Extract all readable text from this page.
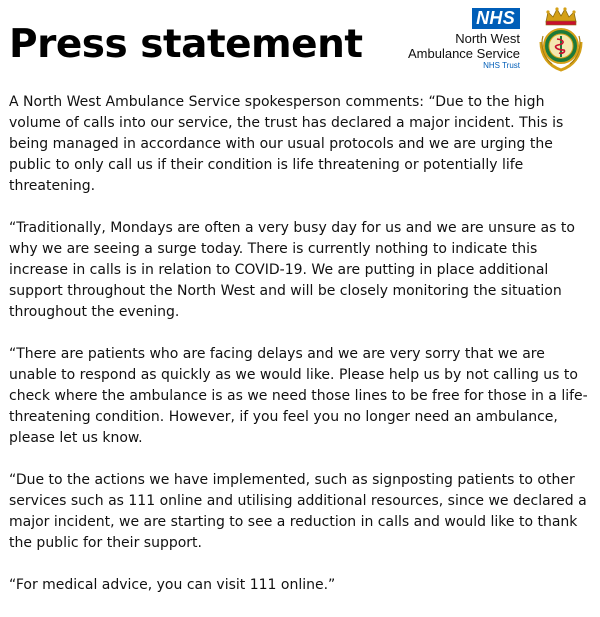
Press statement
NHS
North West
Ambulance Service
NHS Trust

A North West Ambulance Service spokesperson comments: “Due to the high volume of calls into our service, the trust has declared a major incident. This is being managed in accordance with our usual protocols and we are urging the public to only call us if their condition is life threatening or potentially life threatening.

“Traditionally, Mondays are often a very busy day for us and we are unsure as to why we are seeing a surge today. There is currently nothing to indicate this increase in calls is in relation to COVID-19. We are putting in place additional support throughout the North West and will be closely monitoring the situation throughout the evening.

“There are patients who are facing delays and we are very sorry that we are unable to respond as quickly as we would like. Please help us by not calling us to check where the ambulance is as we need those lines to be free for those in a life-threatening condition. However, if you feel you no longer need an ambulance, please let us know.

“Due to the actions we have implemented, such as signposting patients to other services such as 111 online and utilising additional resources, since we declared a major incident, we are starting to see a reduction in calls and would like to thank the public for their support.

“For medical advice, you can visit 111 online.”
